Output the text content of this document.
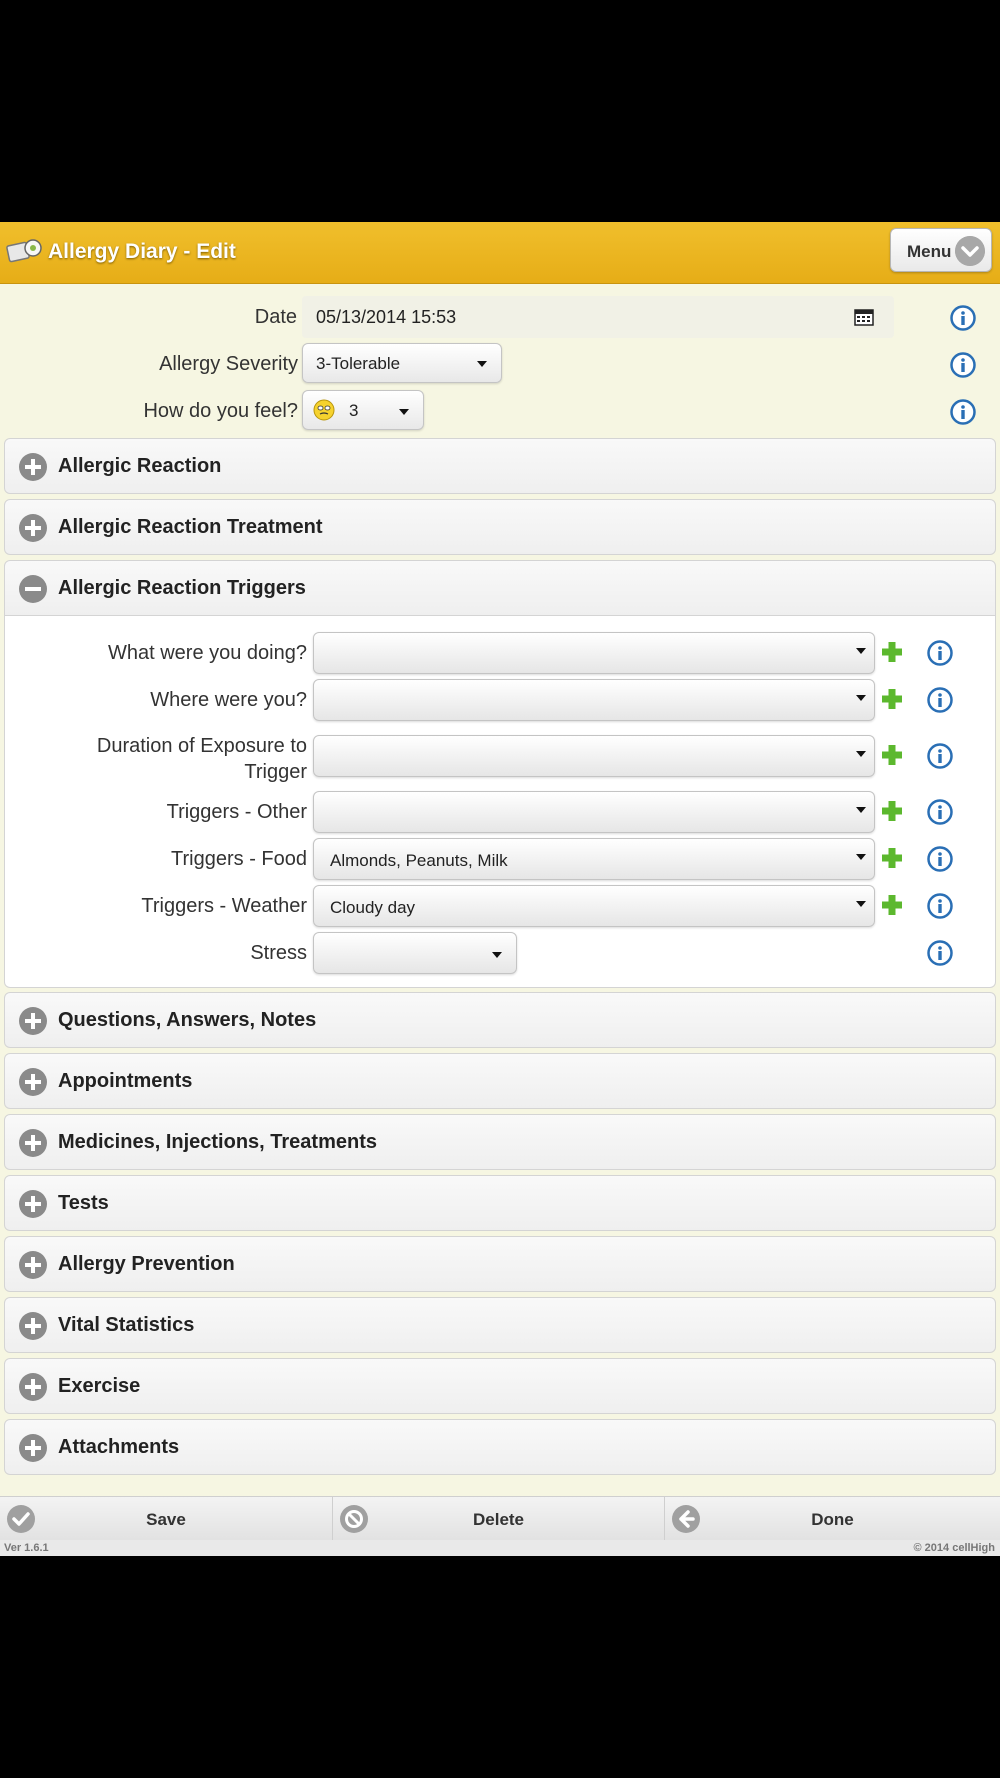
Allergy Diary - Edit	Menu
Date 05/13/2014 15:53
Allergy Severity 3-Tolerable
How do you feel?	3
Allergic Reaction
Allergic Reaction Treatment
Allergic Reaction Triggers
What were you doing?
Where were you?
Duration of Exposure to
Trigger
Triggers - Other
Triggers - Food Almonds, Peanuts, Milk
Triggers - Weather Cloudy day
Stress
Questions, Answers, Notes
Appointments
Medicines, Injections, Treatments
Tests
Allergy Prevention
Vital Statistics
Exercise
Attachments
Save	Delete	Done
Ver 1.6.1	© 2014 cellHigh
